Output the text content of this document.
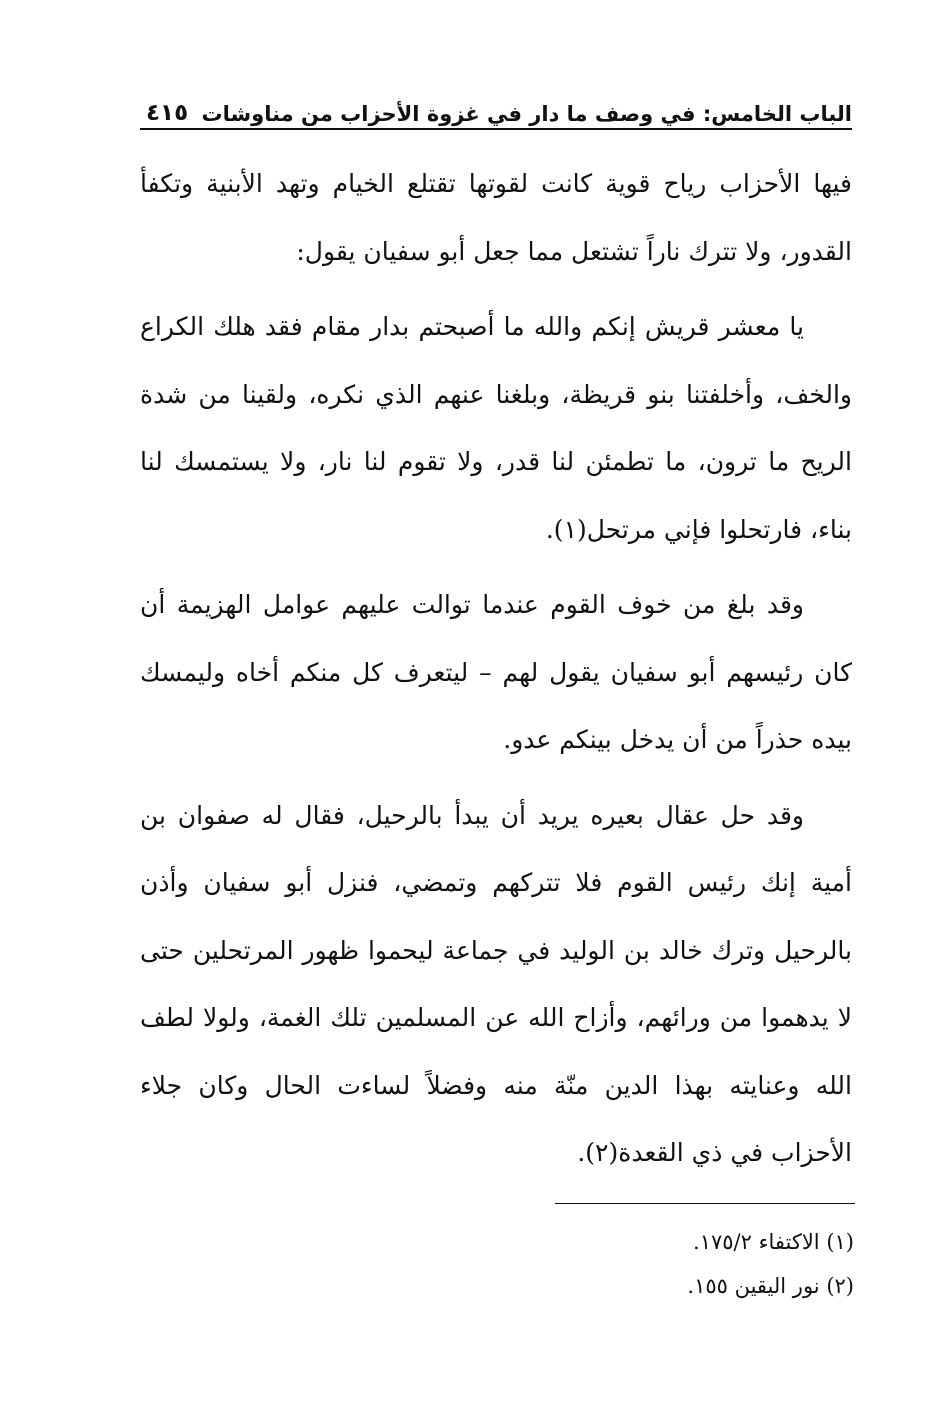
الباب الخامس: في وصف ما دار في غزوة الأحزاب من مناوشات
٤١٥

فيها الأحزاب رياح قوية كانت لقوتها تقتلع الخيام وتهد الأبنية وتكفأ القدور، ولا تترك ناراً تشتعل مما جعل أبو سفيان يقول:

يا معشر قريش إنكم والله ما أصبحتم بدار مقام فقد هلك الكراع والخف، وأخلفتنا بنو قريظة، وبلغنا عنهم الذي نكره، ولقينا من شدة الريح ما ترون، ما تطمئن لنا قدر، ولا تقوم لنا نار، ولا يستمسك لنا بناء، فارتحلوا فإني مرتحل(١).

وقد بلغ من خوف القوم عندما توالت عليهم عوامل الهزيمة أن كان رئيسهم أبو سفيان يقول لهم – ليتعرف كل منكم أخاه وليمسك بيده حذراً من أن يدخل بينكم عدو.

وقد حل عقال بعيره يريد أن يبدأ بالرحيل، فقال له صفوان بن أمية إنك رئيس القوم فلا تتركهم وتمضي، فنزل أبو سفيان وأذن بالرحيل وترك خالد بن الوليد في جماعة ليحموا ظهور المرتحلين حتى لا يدهموا من ورائهم، وأزاح الله عن المسلمين تلك الغمة، ولولا لطف الله وعنايته بهذا الدين منّة منه وفضلاً لساءت الحال وكان جلاء الأحزاب في ذي القعدة(٢).

(١) الاكتفاء ١٧٥/٢.
(٢) نور اليقين ١٥٥.
